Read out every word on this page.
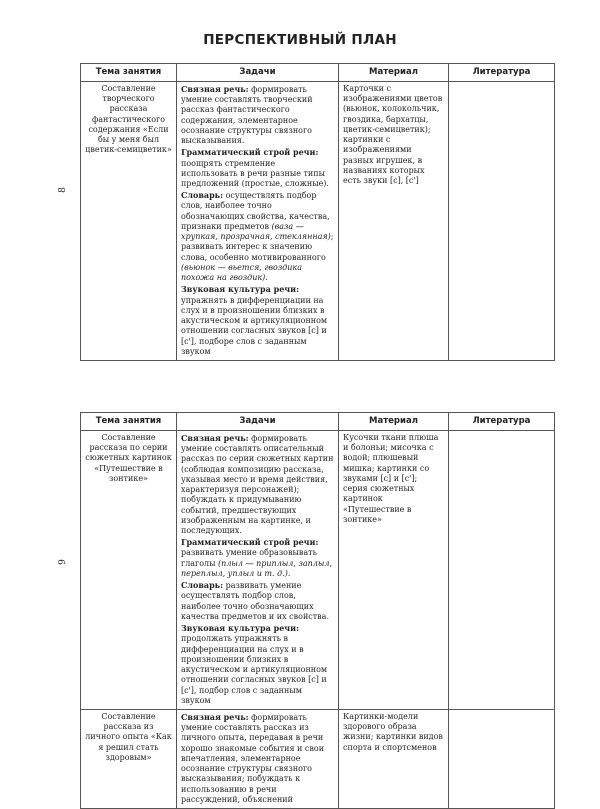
ПЕРСПЕКТИВНЫЙ ПЛАН
8
9
Тема занятия	Задачи	Материал	Литература
Составление творческого рассказа фантастического содержания «Если бы у меня был цветик-семицветик»	Связная речь: формировать умение составлять творческий рассказ фантастического содержания, элементарное осознание структуры связного высказывания.

Грамматический строй речи: поощрять стремление использовать в речи разные типы предложений (простые, сложные).

Словарь: осуществлять подбор слов, наиболее точно обозначающих свойства, качества, признаки предметов (ваза — хрупкая, прозрачная, стеклянная); развивать интерес к значению слова, особенно мотивированного (вьюнок — вьется, гвоздика похожа на гвоздик).

Звуковая культура речи: упражнять в дифференциации на слух и в произношении близких в акустическом и артикуляционном отношении согласных звуков [с] и [с'], подборе слов с заданным звуком	Карточки с изображениями цветов (вьюнок, колокольчик, гвоздика, бархатцы, цветик-семицветик); картинки с изображениями разных игрушек, в названиях которых есть звуки [с], [с']	
Тема занятия	Задачи	Материал	Литература
Составление рассказа по серии сюжетных картинок «Путешествие в зонтике»	Связная речь: формировать умение составлять описательный рассказ по серии сюжетных картин (соблюдая композицию рассказа, указывая место и время действия, характеризуя персонажей); побуждать к придумыванию событий, предшествующих изображенным на картинке, и последующих.

Грамматический строй речи: развивать умение образовывать глаголы (плыл — приплыл, заплыл, переплыл, уплыл и т. д.).

Словарь: развивать умение осуществлять подбор слов, наиболее точно обозначающих качества предметов и их свойства.

Звуковая культура речи: продолжать упражнять в дифференциации на слух и в произношении близких в акустическом и артикуляционном отношении согласных звуков [с] и [с'], подбор слов с заданным звуком	Кусочки ткани плюша и болоньи; мисочка с водой; плюшевый мишка; картинки со звуками [с] и [с']; серия сюжетных картинок «Путешествие в зонтике»	
Составление рассказа из личного опыта «Как я решил стать здоровым»	Связная речь: формировать умение составлять рассказ из личного опыта, передавая в речи хорошо знакомые события и свои впечатления, элементарное осознание структуры связного высказывания; побуждать к использованию в речи рассуждений, объяснений	Картинки-модели здорового образа жизни; картинки видов спорта и спортсменов	
